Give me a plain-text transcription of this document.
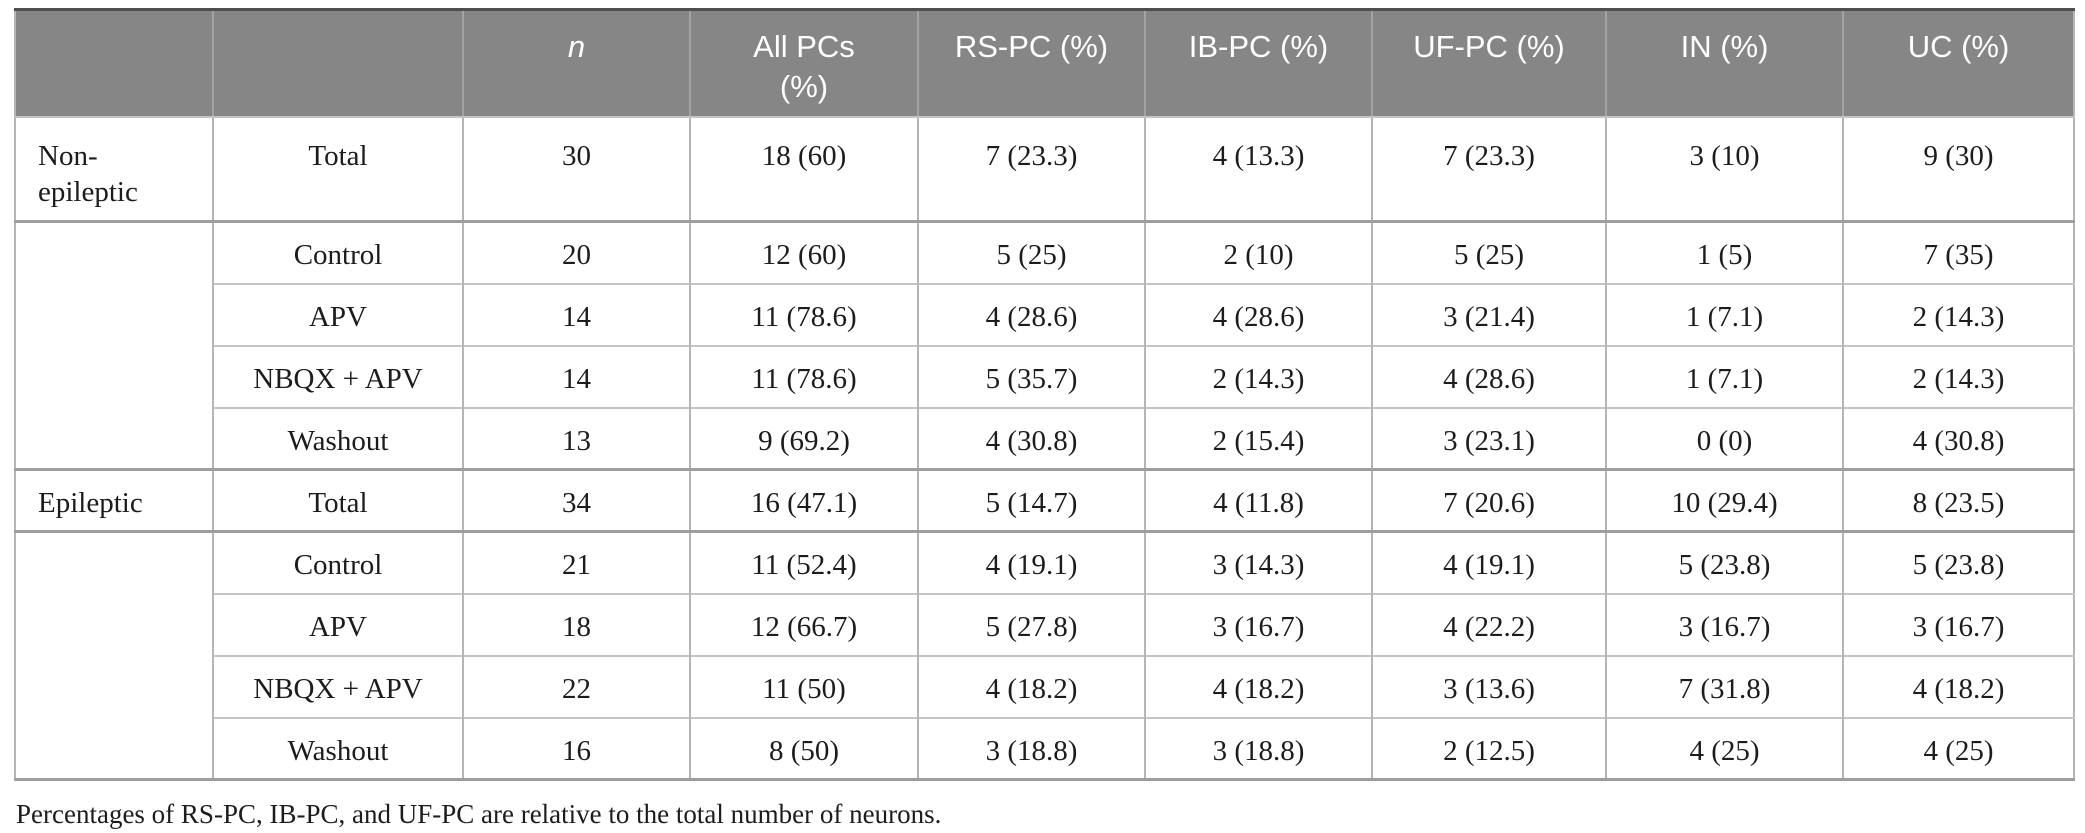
		n	All PCs (%)	RS-PC (%)	IB-PC (%)	UF-PC (%)	IN (%)	UC (%)
Non-epileptic	Total	30	18 (60)	7 (23.3)	4 (13.3)	7 (23.3)	3 (10)	9 (30)
	Control	20	12 (60)	5 (25)	2 (10)	5 (25)	1 (5)	7 (35)
	APV	14	11 (78.6)	4 (28.6)	4 (28.6)	3 (21.4)	1 (7.1)	2 (14.3)
	NBQX + APV	14	11 (78.6)	5 (35.7)	2 (14.3)	4 (28.6)	1 (7.1)	2 (14.3)
	Washout	13	9 (69.2)	4 (30.8)	2 (15.4)	3 (23.1)	0 (0)	4 (30.8)
Epileptic	Total	34	16 (47.1)	5 (14.7)	4 (11.8)	7 (20.6)	10 (29.4)	8 (23.5)
	Control	21	11 (52.4)	4 (19.1)	3 (14.3)	4 (19.1)	5 (23.8)	5 (23.8)
	APV	18	12 (66.7)	5 (27.8)	3 (16.7)	4 (22.2)	3 (16.7)	3 (16.7)
	NBQX + APV	22	11 (50)	4 (18.2)	4 (18.2)	3 (13.6)	7 (31.8)	4 (18.2)
	Washout	16	8 (50)	3 (18.8)	3 (18.8)	2 (12.5)	4 (25)	4 (25)

Percentages of RS-PC, IB-PC, and UF-PC are relative to the total number of neurons.
